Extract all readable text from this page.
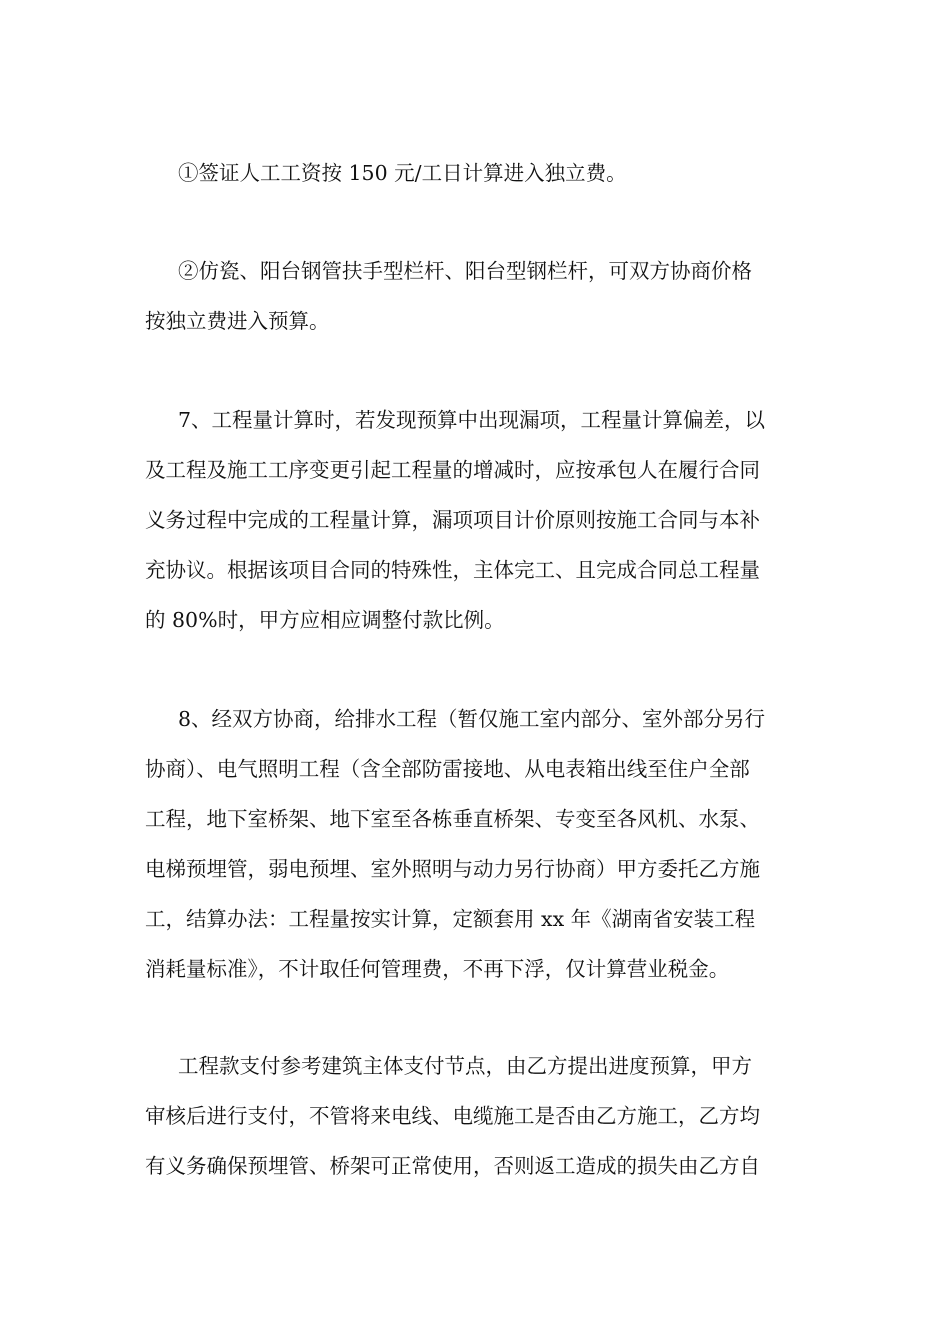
①签证人工工资按 150 元/工日计算进入独立费。
②仿瓷、阳台钢管扶手型栏杆、阳台型钢栏杆，可双方协商价格
按独立费进入预算。
7、工程量计算时，若发现预算中出现漏项，工程量计算偏差，以
及工程及施工工序变更引起工程量的增减时，应按承包人在履行合同
义务过程中完成的工程量计算，漏项项目计价原则按施工合同与本补
充协议。根据该项目合同的特殊性，主体完工、且完成合同总工程量
的 80%时，甲方应相应调整付款比例。
8、经双方协商，给排水工程（暂仅施工室内部分、室外部分另行
协商）、电气照明工程（含全部防雷接地、从电表箱出线至住户全部
工程，地下室桥架、地下室至各栋垂直桥架、专变至各风机、水泵、
电梯预埋管，弱电预埋、室外照明与动力另行协商）甲方委托乙方施
工，结算办法：工程量按实计算，定额套用 xx 年《湖南省安装工程
消耗量标准》，不计取任何管理费，不再下浮，仅计算营业税金。
工程款支付参考建筑主体支付节点，由乙方提出进度预算，甲方
审核后进行支付，不管将来电线、电缆施工是否由乙方施工，乙方均
有义务确保预埋管、桥架可正常使用，否则返工造成的损失由乙方自
